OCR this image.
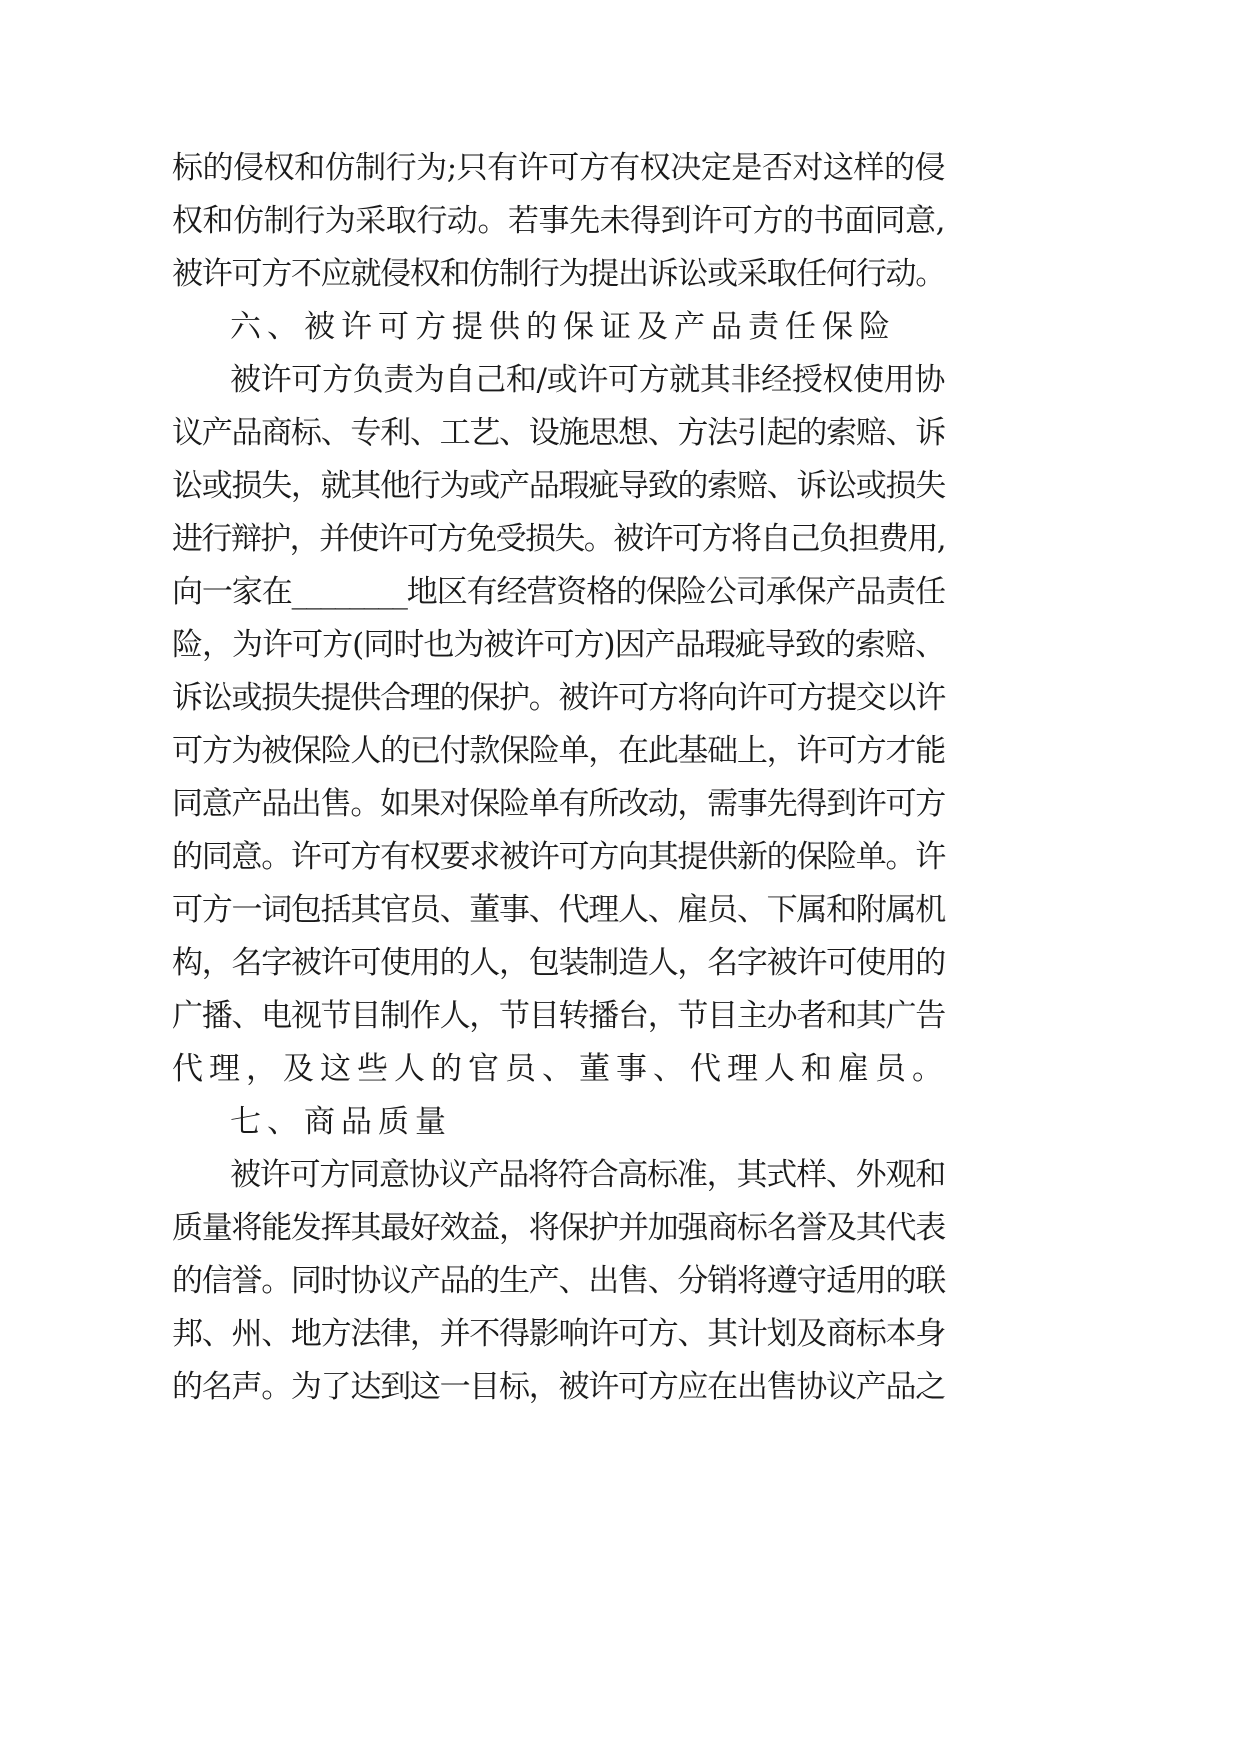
标的侵权和仿制行为;只有许可方有权决定是否对这样的侵
权和仿制行为采取行动。若事先未得到许可方的书面同意,
被许可方不应就侵权和仿制行为提出诉讼或采取任何行动。
六、被许可方提供的保证及产品责任保险
被许可方负责为自己和/或许可方就其非经授权使用协
议产品商标、专利、工艺、设施思想、方法引起的索赔、诉
讼或损失，就其他行为或产品瑕疵导致的索赔、诉讼或损失
进行辩护，并使许可方免受损失。被许可方将自己负担费用,
向一家在________地区有经营资格的保险公司承保产品责任
险，为许可方(同时也为被许可方)因产品瑕疵导致的索赔、
诉讼或损失提供合理的保护。被许可方将向许可方提交以许
可方为被保险人的已付款保险单，在此基础上，许可方才能
同意产品出售。如果对保险单有所改动，需事先得到许可方
的同意。许可方有权要求被许可方向其提供新的保险单。许
可方一词包括其官员、董事、代理人、雇员、下属和附属机
构，名字被许可使用的人，包装制造人，名字被许可使用的
广播、电视节目制作人，节目转播台，节目主办者和其广告
代理，及这些人的官员、董事、代理人和雇员。
七、商品质量
被许可方同意协议产品将符合高标准，其式样、外观和
质量将能发挥其最好效益，将保护并加强商标名誉及其代表
的信誉。同时协议产品的生产、出售、分销将遵守适用的联
邦、州、地方法律，并不得影响许可方、其计划及商标本身
的名声。为了达到这一目标，被许可方应在出售协议产品之
